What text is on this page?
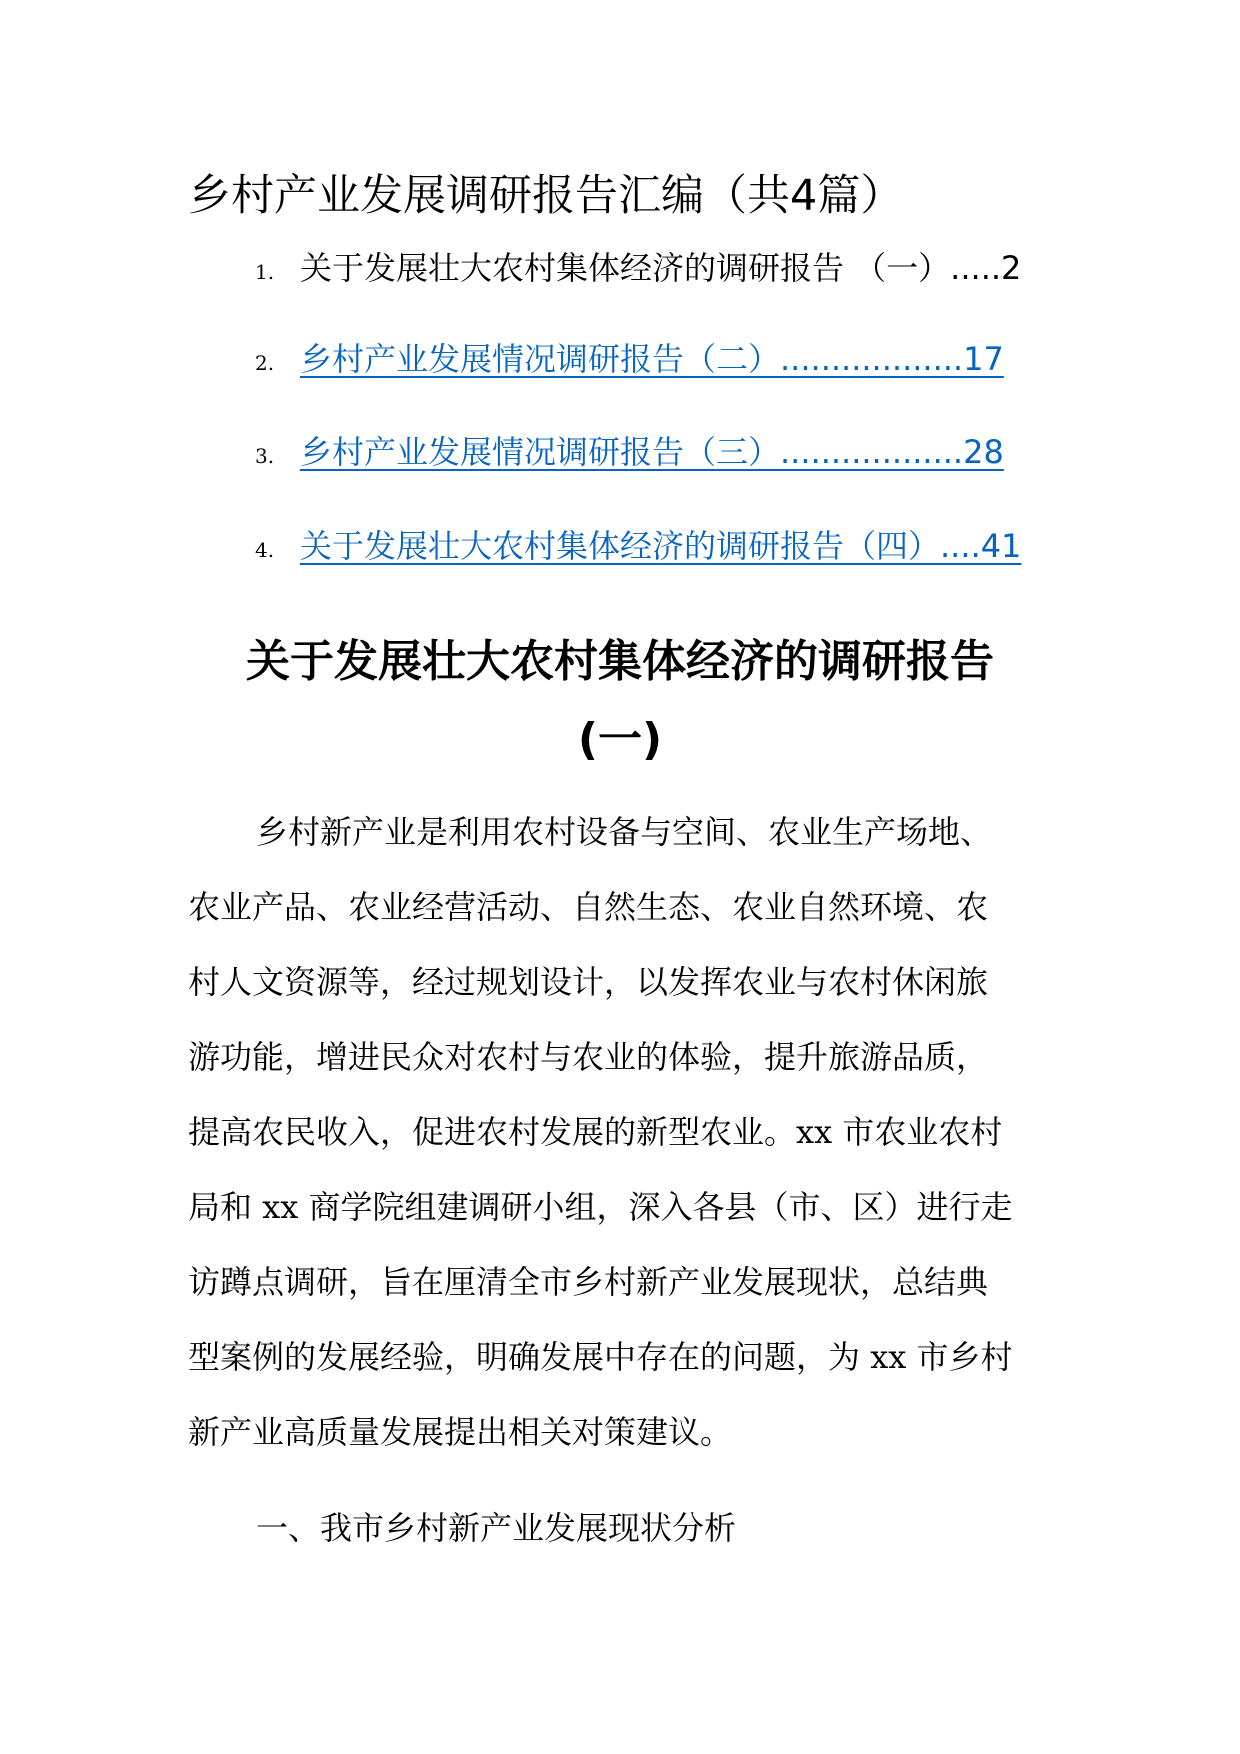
乡村产业发展调研报告汇编（共4篇）
1. 关于发展壮大农村集体经济的调研报告 （一）.....2
2. 乡村产业发展情况调研报告（二）..................17
3. 乡村产业发展情况调研报告（三）..................28
4. 关于发展壮大农村集体经济的调研报告（四）....41
关于发展壮大农村集体经济的调研报告
(一)
乡村新产业是利用农村设备与空间、农业生产场地、
农业产品、农业经营活动、自然生态、农业自然环境、农
村人文资源等，经过规划设计，以发挥农业与农村休闲旅
游功能，增进民众对农村与农业的体验，提升旅游品质，
提高农民收入，促进农村发展的新型农业。xx 市农业农村
局和 xx 商学院组建调研小组，深入各县（市、区）进行走
访蹲点调研，旨在厘清全市乡村新产业发展现状，总结典
型案例的发展经验，明确发展中存在的问题，为 xx 市乡村
新产业高质量发展提出相关对策建议。
一、我市乡村新产业发展现状分析
